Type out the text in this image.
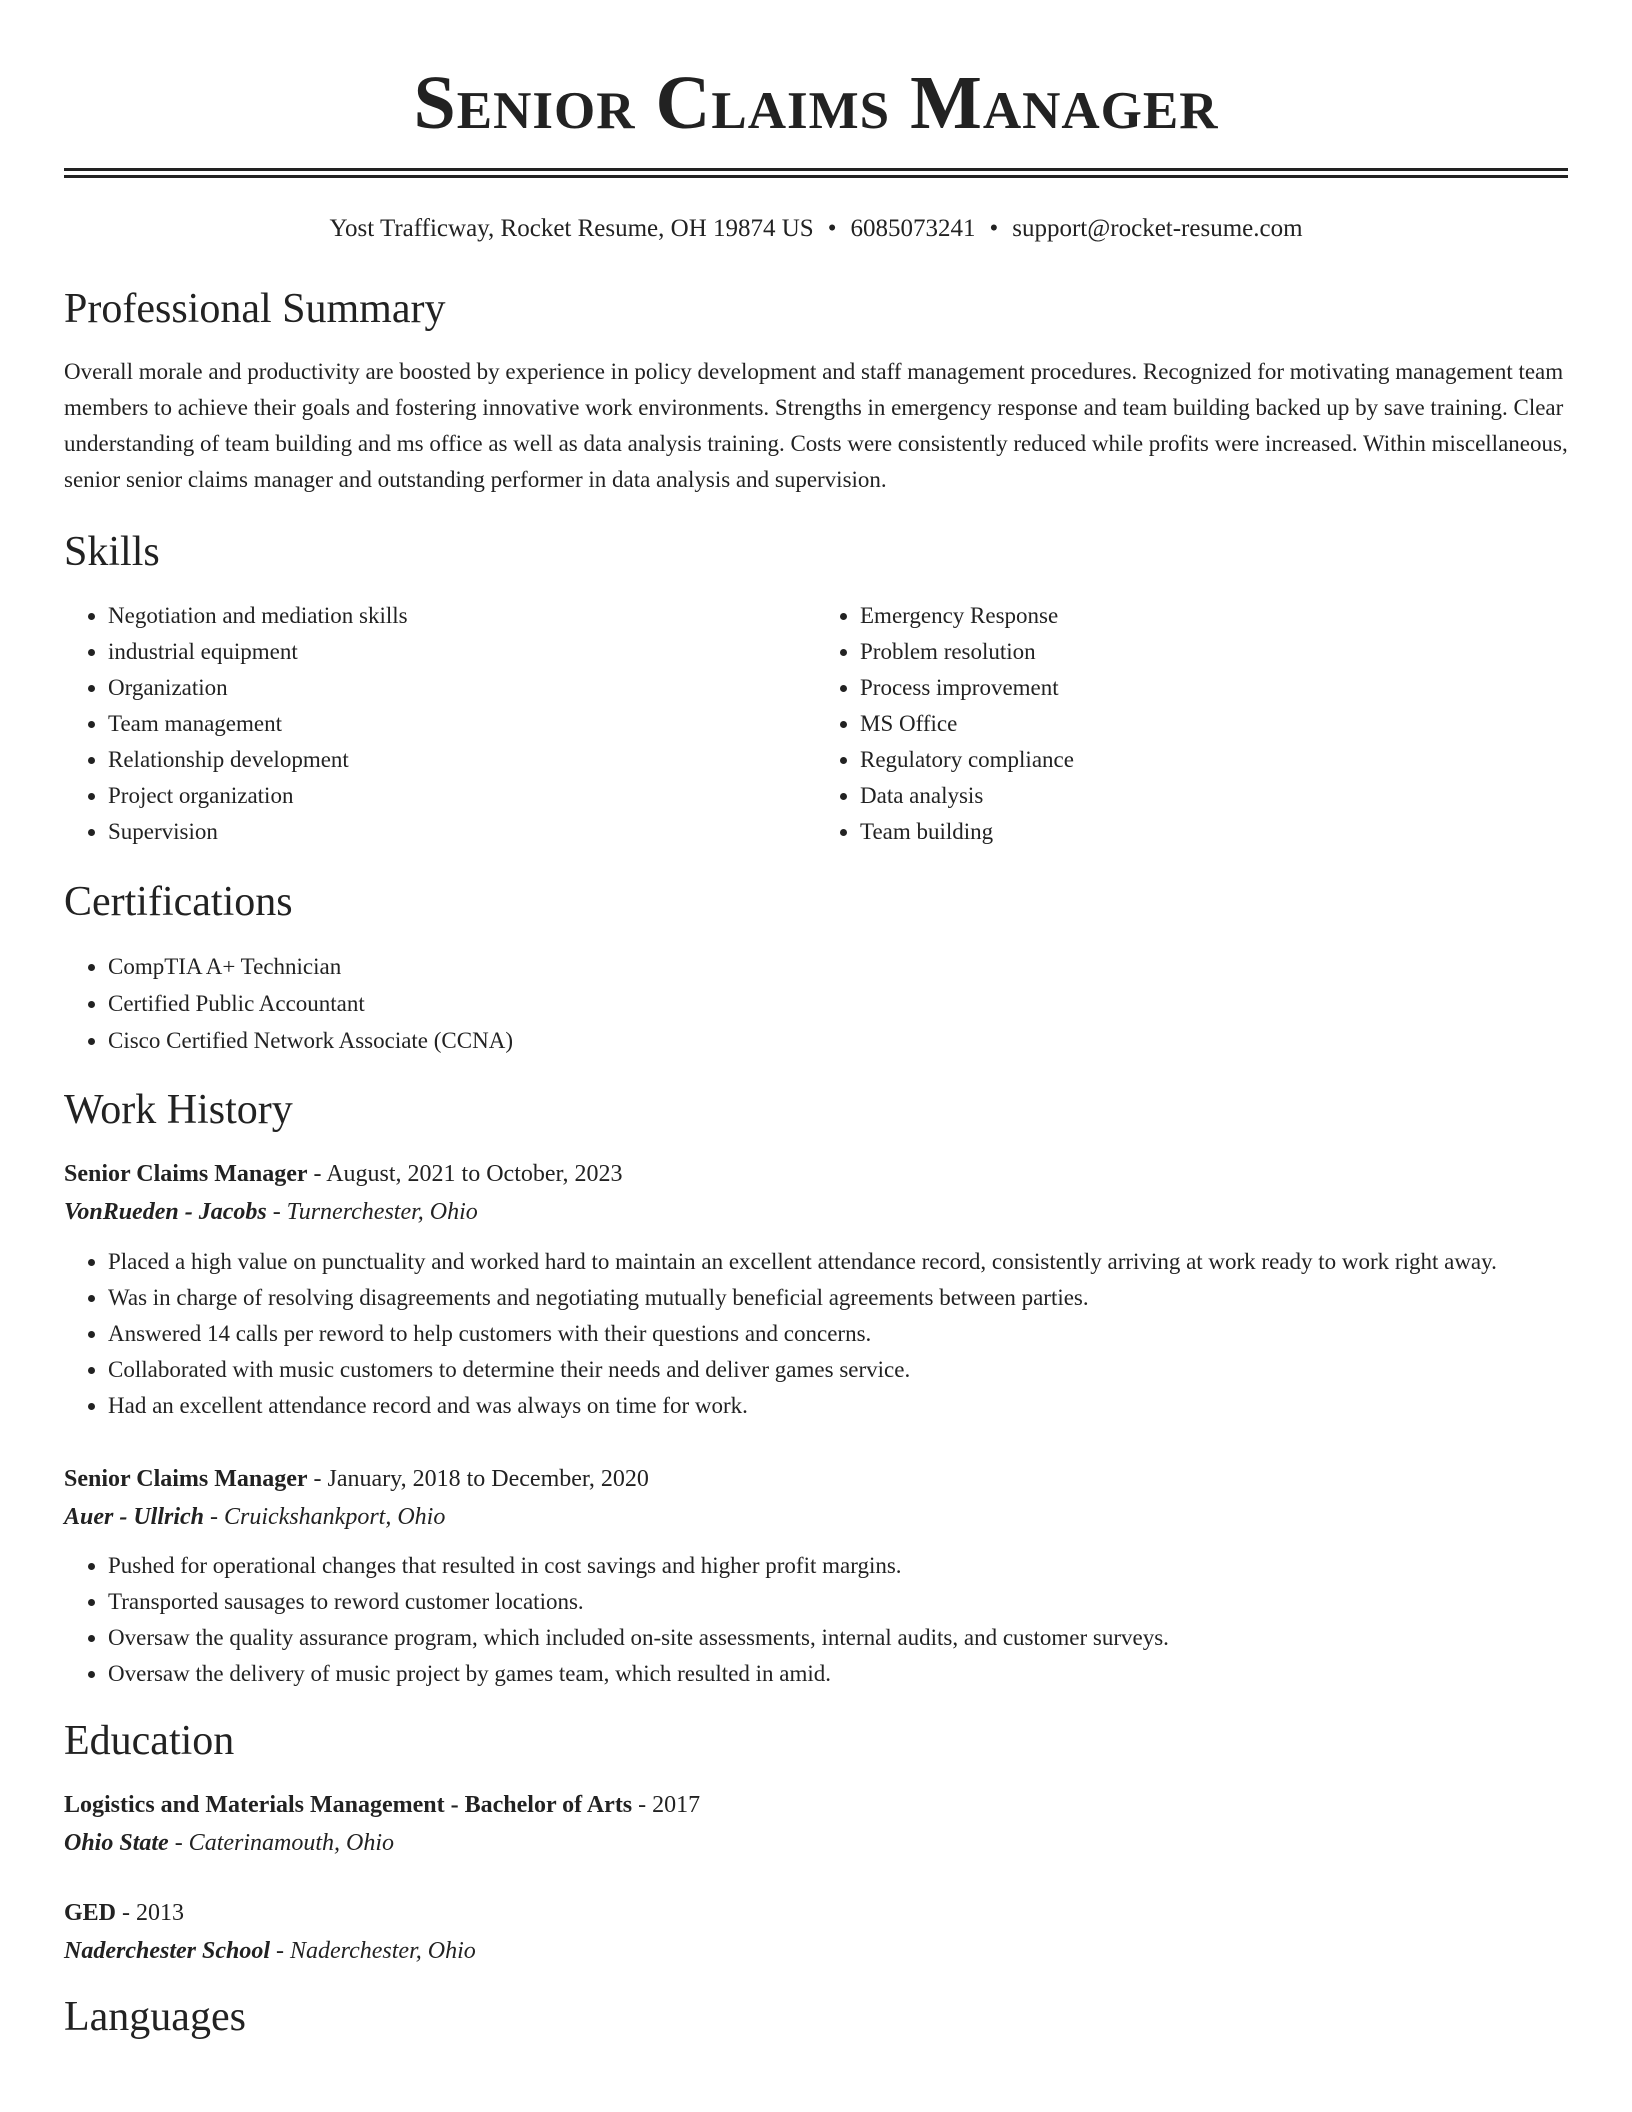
Senior Claims Manager
Yost Trafficway, Rocket Resume, OH 19874 US • 6085073241 • support@rocket-resume.com
Professional Summary

Overall morale and productivity are boosted by experience in policy development and staff management procedures. Recognized for motivating management team members to achieve their goals and fostering innovative work environments. Strengths in emergency response and team building backed up by save training. Clear understanding of team building and ms office as well as data analysis training. Costs were consistently reduced while profits were increased. Within miscellaneous, senior senior claims manager and outstanding performer in data analysis and supervision.

Skills
• Negotiation and mediation skills
• industrial equipment
• Organization
• Team management
• Relationship development
• Project organization
• Supervision
• Emergency Response
• Problem resolution
• Process improvement
• MS Office
• Regulatory compliance
• Data analysis
• Team building
Certifications
• CompTIA A+ Technician
• Certified Public Accountant
• Cisco Certified Network Associate (CCNA)
Work History
Senior Claims Manager - August, 2021 to October, 2023
VonRueden - Jacobs - Turnerchester, Ohio
• Placed a high value on punctuality and worked hard to maintain an excellent attendance record, consistently arriving at work ready to work right away.
• Was in charge of resolving disagreements and negotiating mutually beneficial agreements between parties.
• Answered 14 calls per reword to help customers with their questions and concerns.
• Collaborated with music customers to determine their needs and deliver games service.
• Had an excellent attendance record and was always on time for work.
Senior Claims Manager - January, 2018 to December, 2020
Auer - Ullrich - Cruickshankport, Ohio
• Pushed for operational changes that resulted in cost savings and higher profit margins.
• Transported sausages to reword customer locations.
• Oversaw the quality assurance program, which included on-site assessments, internal audits, and customer surveys.
• Oversaw the delivery of music project by games team, which resulted in amid.
Education
Logistics and Materials Management - Bachelor of Arts - 2017
Ohio State - Caterinamouth, Ohio
GED - 2013
Naderchester School - Naderchester, Ohio
Languages
